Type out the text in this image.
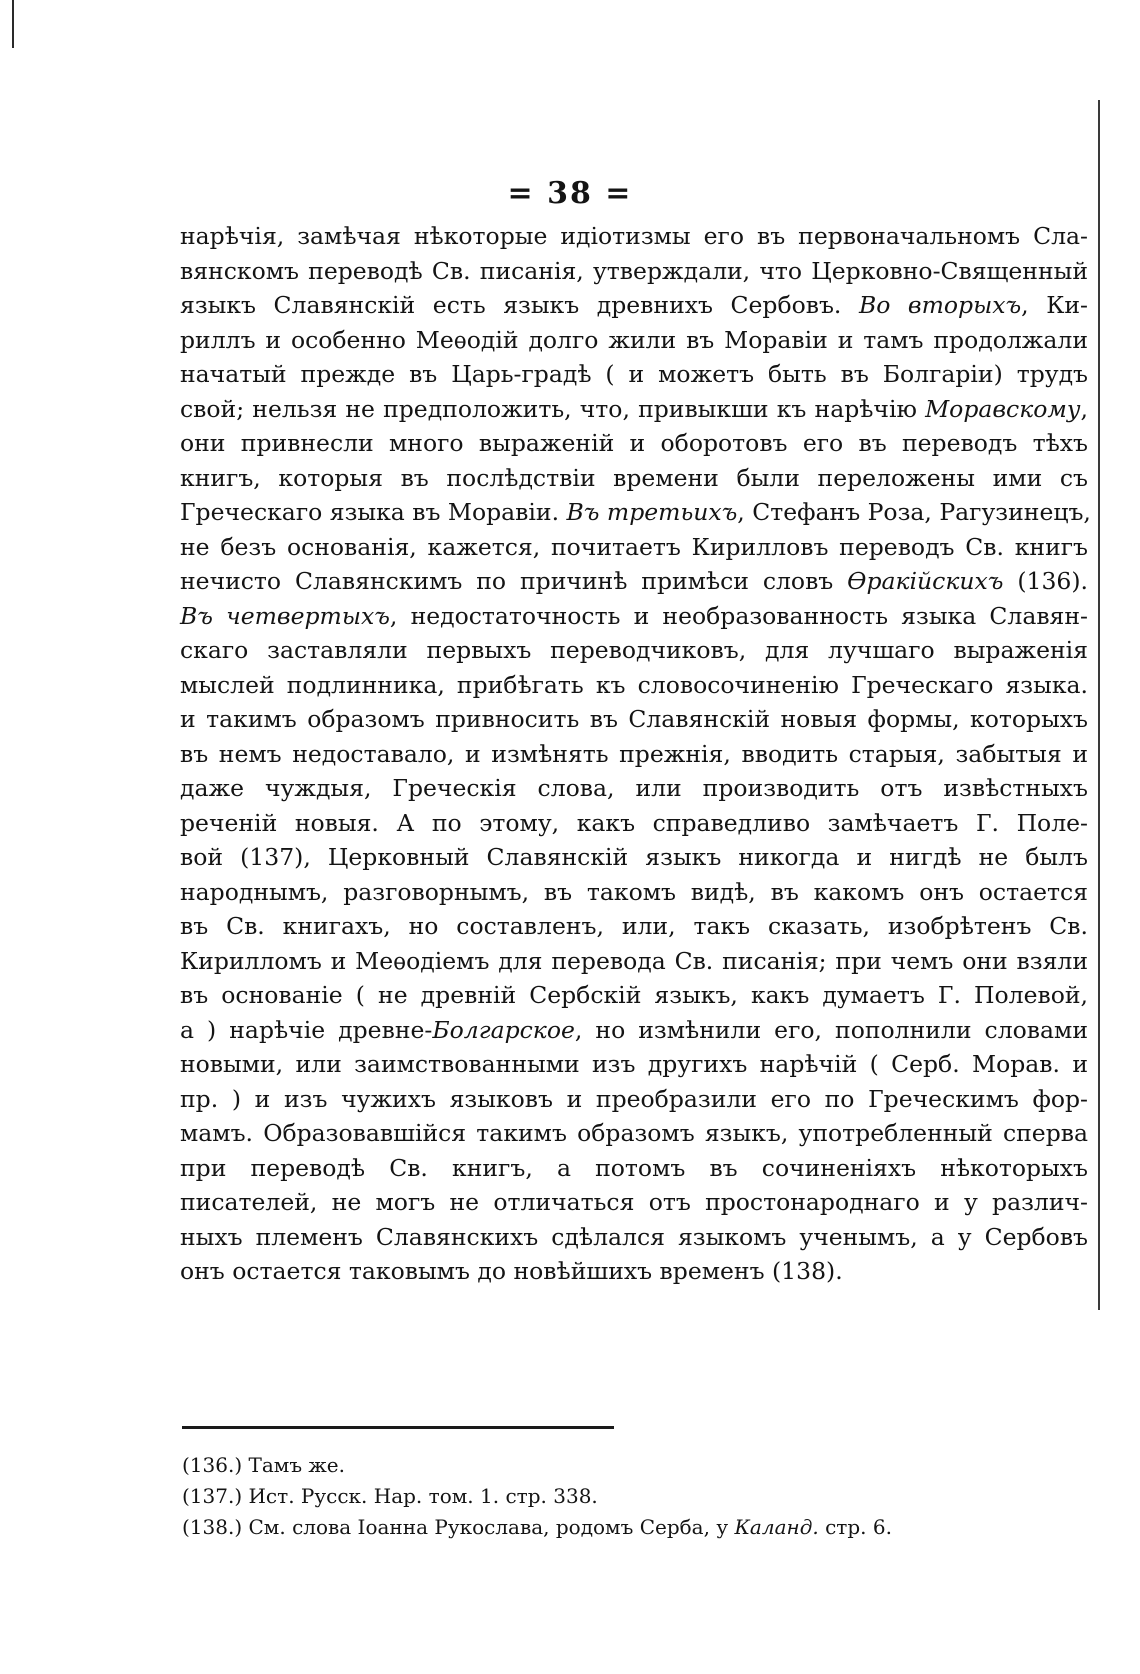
= 38 =
нарѣчія, замѣчая нѣкоторые идіотизмы его въ первоначальномъ Сла-
вянскомъ переводѣ Св. писанія, утверждали, что Церковно-Священный
языкъ Славянскій есть языкъ древнихъ Сербовъ. Во вторыхъ, Ки-
риллъ и особенно Меѳодій долго жили въ Моравіи и тамъ продолжали
начатый прежде въ Царь-градѣ ( и можетъ быть въ Болгаріи) трудъ
свой; нельзя не предположить, что, привыкши къ нарѣчію Моравскому,
они привнесли много выраженій и оборотовъ его въ переводъ тѣхъ
книгъ, которыя въ послѣдствіи времени были переложены ими съ
Греческаго языка въ Моравіи. Въ третьихъ, Стефанъ Роза, Рагузинецъ,
не безъ основанія, кажется, почитаетъ Кирилловъ переводъ Св. книгъ
нечисто Славянскимъ по причинѣ примѣси словъ Ѳракійскихъ (136).
Въ четвертыхъ, недостаточность и необразованность языка Славян-
скаго заставляли первыхъ переводчиковъ, для лучшаго выраженія
мыслей подлинника, прибѣгать къ словосочиненію Греческаго языка.
и такимъ образомъ привносить въ Славянскій новыя формы, которыхъ
въ немъ недоставало, и измѣнять прежнія, вводить старыя, забытыя и
даже чуждыя, Греческія слова, или производить отъ извѣстныхъ
реченій новыя. А по этому, какъ справедливо замѣчаетъ Г. Поле-
вой (137), Церковный Славянскій языкъ никогда и нигдѣ не былъ
народнымъ, разговорнымъ, въ такомъ видѣ, въ какомъ онъ остается
въ Св. книгахъ, но составленъ, или, такъ сказать, изобрѣтенъ Св.
Кирилломъ и Меѳодіемъ для перевода Св. писанія; при чемъ они взяли
въ основаніе ( не древній Сербскій языкъ, какъ думаетъ Г. Полевой,
а ) нарѣчіе древне-Болгарское, но измѣнили его, пополнили словами
новыми, или заимствованными изъ другихъ нарѣчій ( Серб. Морав. и
пр. ) и изъ чужихъ языковъ и преобразили его по Греческимъ фор-
мамъ. Образовавшійся такимъ образомъ языкъ, употребленный сперва
при переводѣ Св. книгъ, а потомъ въ сочиненіяхъ нѣкоторыхъ
писателей, не могъ не отличаться отъ простонароднаго и у различ-
ныхъ племенъ Славянскихъ сдѣлался языкомъ ученымъ, а у Сербовъ
онъ остается таковымъ до новѣйшихъ временъ (138).
(136.) Тамъ же.
(137.) Ист. Русск. Нар. том. 1. стр. 338.
(138.) См. слова Іоанна Рукослава, родомъ Серба, у Каланд. стр. 6.
